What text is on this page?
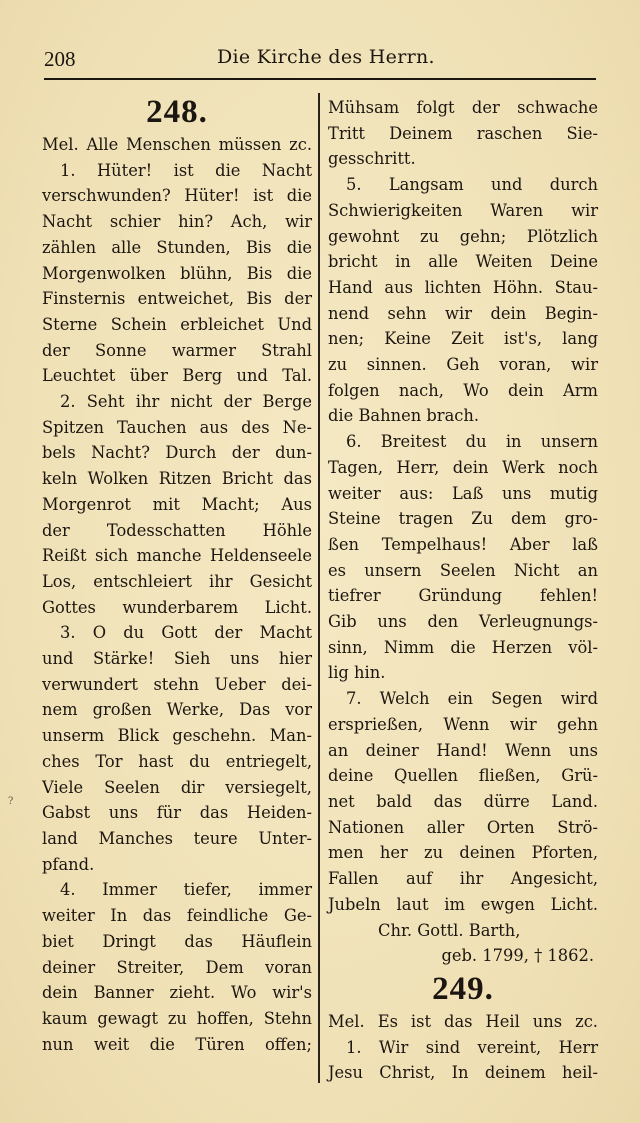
208	Die Kirche des Herrn.
248.
Mel. Alle Menschen müssen zc.
1. Hüter! ist die Nacht
verschwunden? Hüter! ist die
Nacht schier hin? Ach, wir
zählen alle Stunden, Bis die
Morgenwolken blühn, Bis die
Finsternis entweichet, Bis der
Sterne Schein erbleichet Und
der Sonne warmer Strahl
Leuchtet über Berg und Tal.
2. Seht ihr nicht der Berge
Spitzen Tauchen aus des Ne-
bels Nacht? Durch der dun-
keln Wolken Ritzen Bricht das
Morgenrot mit Macht; Aus
der Todesschatten Höhle
Reißt sich manche Heldenseele
Los, entschleiert ihr Gesicht
Gottes wunderbarem Licht.
3. O du Gott der Macht
und Stärke! Sieh uns hier
verwundert stehn Ueber dei-
nem großen Werke, Das vor
unserm Blick geschehn. Man-
ches Tor hast du entriegelt,
Viele Seelen dir versiegelt,
Gabst uns für das Heiden-
land Manches teure Unter-
pfand.
4. Immer tiefer, immer
weiter In das feindliche Ge-
biet Dringt das Häuflein
deiner Streiter, Dem voran
dein Banner zieht. Wo wir's
kaum gewagt zu hoffen, Stehn
nun weit die Türen offen;
Mühsam folgt der schwache
Tritt Deinem raschen Sie-
gesschritt.
5. Langsam und durch
Schwierigkeiten Waren wir
gewohnt zu gehn; Plötzlich
bricht in alle Weiten Deine
Hand aus lichten Höhn. Stau-
nend sehn wir dein Begin-
nen; Keine Zeit ist's, lang
zu sinnen. Geh voran, wir
folgen nach, Wo dein Arm
die Bahnen brach.
6. Breitest du in unsern
Tagen, Herr, dein Werk noch
weiter aus: Laß uns mutig
Steine tragen Zu dem gro-
ßen Tempelhaus! Aber laß
es unsern Seelen Nicht an
tiefrer Gründung fehlen!
Gib uns den Verleugnungs-
sinn, Nimm die Herzen völ-
lig hin.
7. Welch ein Segen wird
ersprießen, Wenn wir gehn
an deiner Hand! Wenn uns
deine Quellen fließen, Grü-
net bald das dürre Land.
Nationen aller Orten Strö-
men her zu deinen Pforten,
Fallen auf ihr Angesicht,
Jubeln laut im ewgen Licht.
Chr. Gottl. Barth,
geb. 1799, † 1862.
249.
Mel. Es ist das Heil uns zc.
1. Wir sind vereint, Herr
Jesu Christ, In deinem heil-
?
